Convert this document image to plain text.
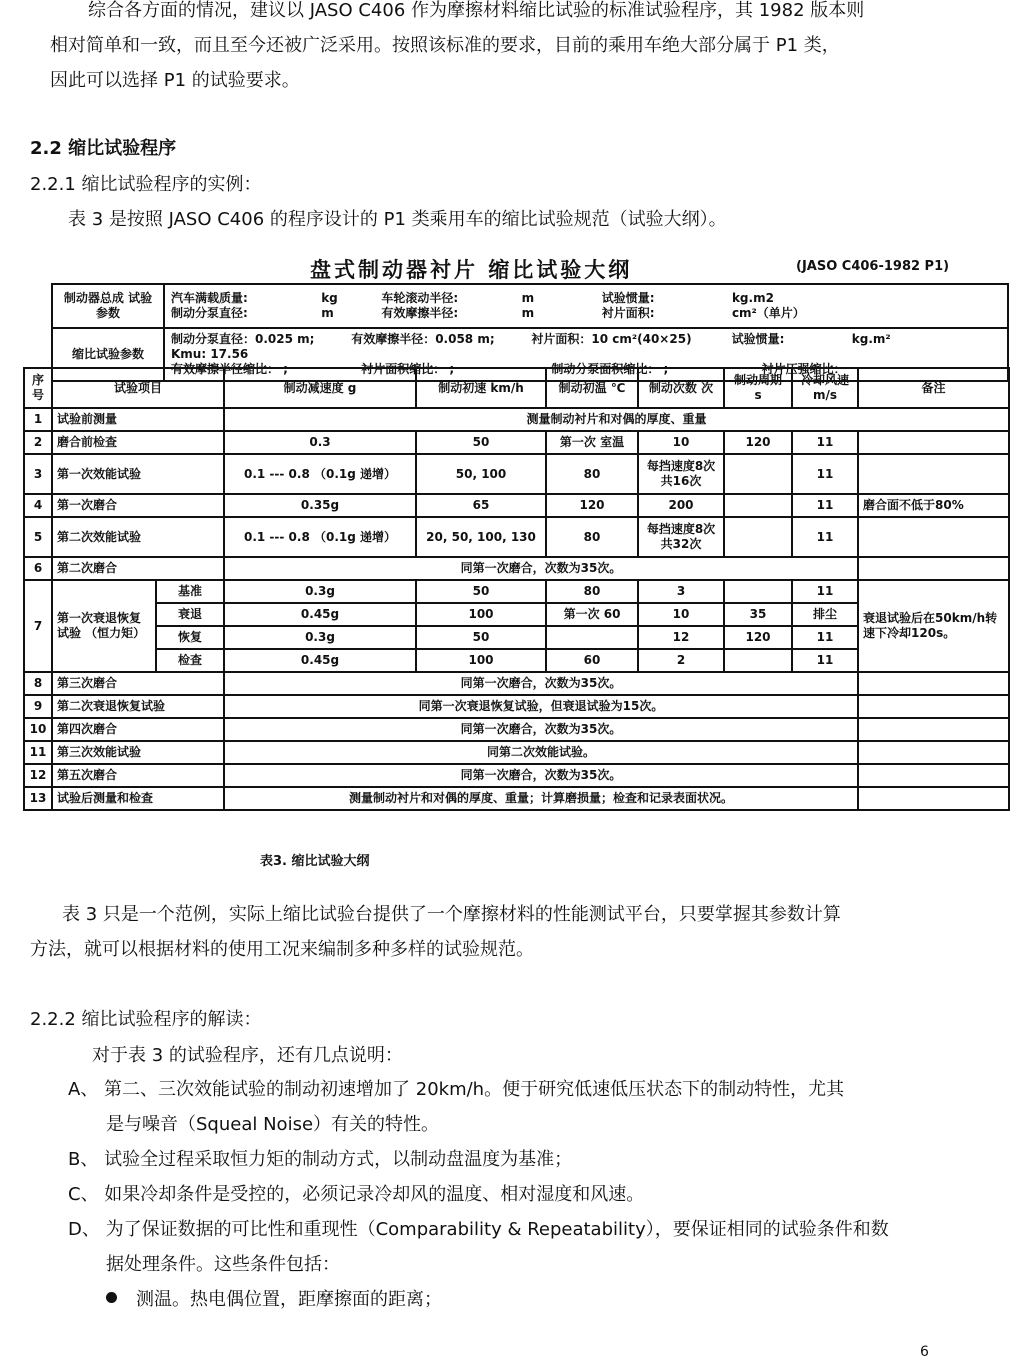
综合各方面的情况，建议以 JASO C406 作为摩擦材料缩比试验的标准试验程序，其 1982 版本则
相对简单和一致，而且至今还被广泛采用。按照该标准的要求，目前的乘用车绝大部分属于 P1 类，
因此可以选择 P1 的试验要求。
2.2 缩比试验程序
2.2.1 缩比试验程序的实例：
表 3 是按照 JASO C406 的程序设计的 P1 类乘用车的缩比试验规范（试验大纲）。
盘式制动器衬片 缩比试验大纲	(JASO C406-1982 P1)
制动器总成 试验参数	汽车满载质量: kg 车轮滚动半径: m 试验惯量: kg.m2
制动分泵直径: m 有效摩擦半径: m 衬片面积: cm²（单片）

缩比试验参数	制动分泵直径：0.025 m; 有效摩擦半径：0.058 m; 衬片面积：10 cm²(40×25) 试验惯量: kg.m² Kmu: 17.56
有效摩擦半径缩比： ; 衬片面积缩比： ; 制动分泵面积缩比： ; 衬片压强缩比：
序号	试验项目		制动减速度 g	制动初速 km/h	制动初温 ℃	制动次数 次	制动周期 s	冷却风速 m/s	备注
1	试验前测量		测量制动衬片和对偶的厚度、重量						
2	磨合前检查		0.3	50	第一次 室温	10	120	11	
3	第一次效能试验		0.1 --- 0.8 （0.1g 递增）	50, 100	80	每挡速度8次 共16次		11	
4	第一次磨合		0.35g	65	120	200		11	磨合面不低于80%
5	第二次效能试验		0.1 --- 0.8 （0.1g 递增）	20, 50, 100, 130	80	每挡速度8次 共32次		11	
6	第二次磨合		同第一次磨合，次数为35次。						
7	第一次衰退恢复试验 （恒力矩）	基准	0.3g	50	80	3		11	衰退试验后在50km/h转速下冷却120s。
		衰退	0.45g	100	第一次 60	10	35	排尘	
		恢复	0.3g	50		12	120	11	
		检查	0.45g	100	60	2		11	
8	第三次磨合		同第一次磨合，次数为35次。						
9	第二次衰退恢复试验		同第一次衰退恢复试验，但衰退试验为15次。						
10	第四次磨合		同第一次磨合，次数为35次。						
11	第三次效能试验		同第二次效能试验。						
12	第五次磨合		同第一次磨合，次数为35次。						
13	试验后测量和检查		测量制动衬片和对偶的厚度、重量；计算磨损量；检查和记录表面状况。						
表3. 缩比试验大纲
表 3 只是一个范例，实际上缩比试验台提供了一个摩擦材料的性能测试平台，只要掌握其参数计算
方法，就可以根据材料的使用工况来编制多种多样的试验规范。
2.2.2 缩比试验程序的解读：
对于表 3 的试验程序，还有几点说明：
A、 第二、三次效能试验的制动初速增加了 20km/h。便于研究低速低压状态下的制动特性，尤其
是与噪音（Squeal Noise）有关的特性。
B、 试验全过程采取恒力矩的制动方式，以制动盘温度为基准；
C、 如果冷却条件是受控的，必须记录冷却风的温度、相对湿度和风速。
D、 为了保证数据的可比性和重现性（Comparability & Repeatability），要保证相同的试验条件和数
据处理条件。这些条件包括：
测温。热电偶位置，距摩擦面的距离；
6
